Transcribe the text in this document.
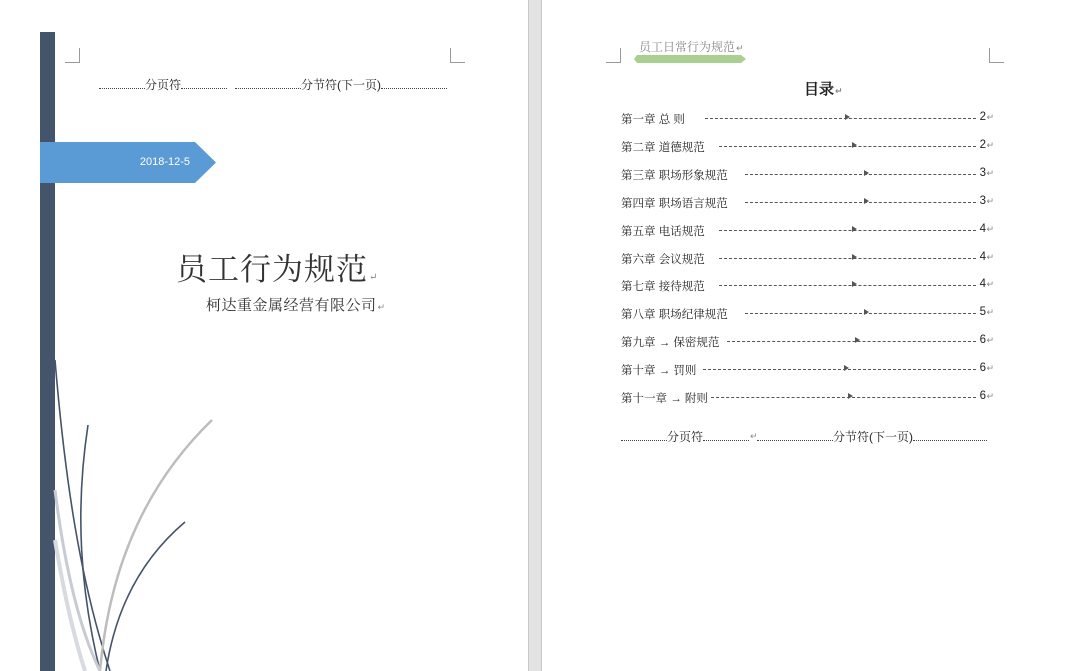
分页符	分节符(下一页)
2018-12-5
员工行为规范↵
柯达重金属经营有限公司↵
员工日常行为规范↵
目录↵
第一章 总 则	2 ↵
第二章 道德规范	2 ↵
第三章 职场形象规范	3 ↵
第四章 职场语言规范	3 ↵
第五章 电话规范	4 ↵
第六章 会议规范	4 ↵
第七章 接待规范	4 ↵
第八章 职场纪律规范	5 ↵
第九章 → 保密规范	6 ↵
第十章 → 罚则	6 ↵
第十一章 → 附则	6 ↵
分页符	↵	分节符(下一页)
